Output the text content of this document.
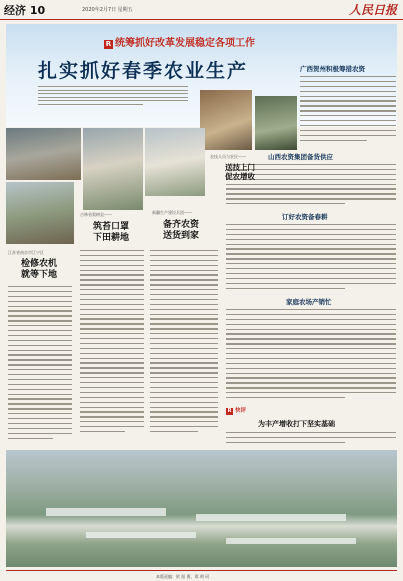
经济 10	2020年2月7日 星期五	人民日报
R 统筹抓好改革发展稳定各项工作
扎实抓好春季农业生产	广西贺州积极筹措农资
山西农资集团备货供应
订好农资备春耕
家庭农场产销忙
江苏省南京市江宁区
检修农机
就等下地
吉林省梨树县——
筑苔口罩
下田耕地
新疆生产建设兵团——
备齐农资
送货到家
农技人员与农民——
送技上门
促农增收
R 快评
为丰产增收打下坚实基础
本版责编：欧 阳 曹、郑 明 珂
